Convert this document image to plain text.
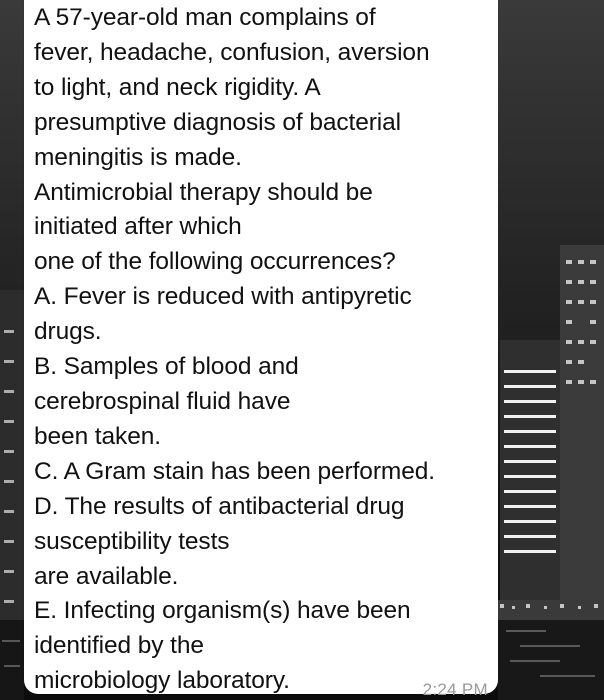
A 57-year-old man complains of
fever, headache, confusion, aversion
to light, and neck rigidity. A
presumptive diagnosis of bacterial
meningitis is made.
Antimicrobial therapy should be
initiated after which
one of the following occurrences?
A. Fever is reduced with antipyretic
drugs.
B. Samples of blood and
cerebrospinal fluid have
been taken.
C. A Gram stain has been performed.
D. The results of antibacterial drug
susceptibility tests
are available.
E. Infecting organism(s) have been
identified by the
microbiology laboratory.	2:24 PM
